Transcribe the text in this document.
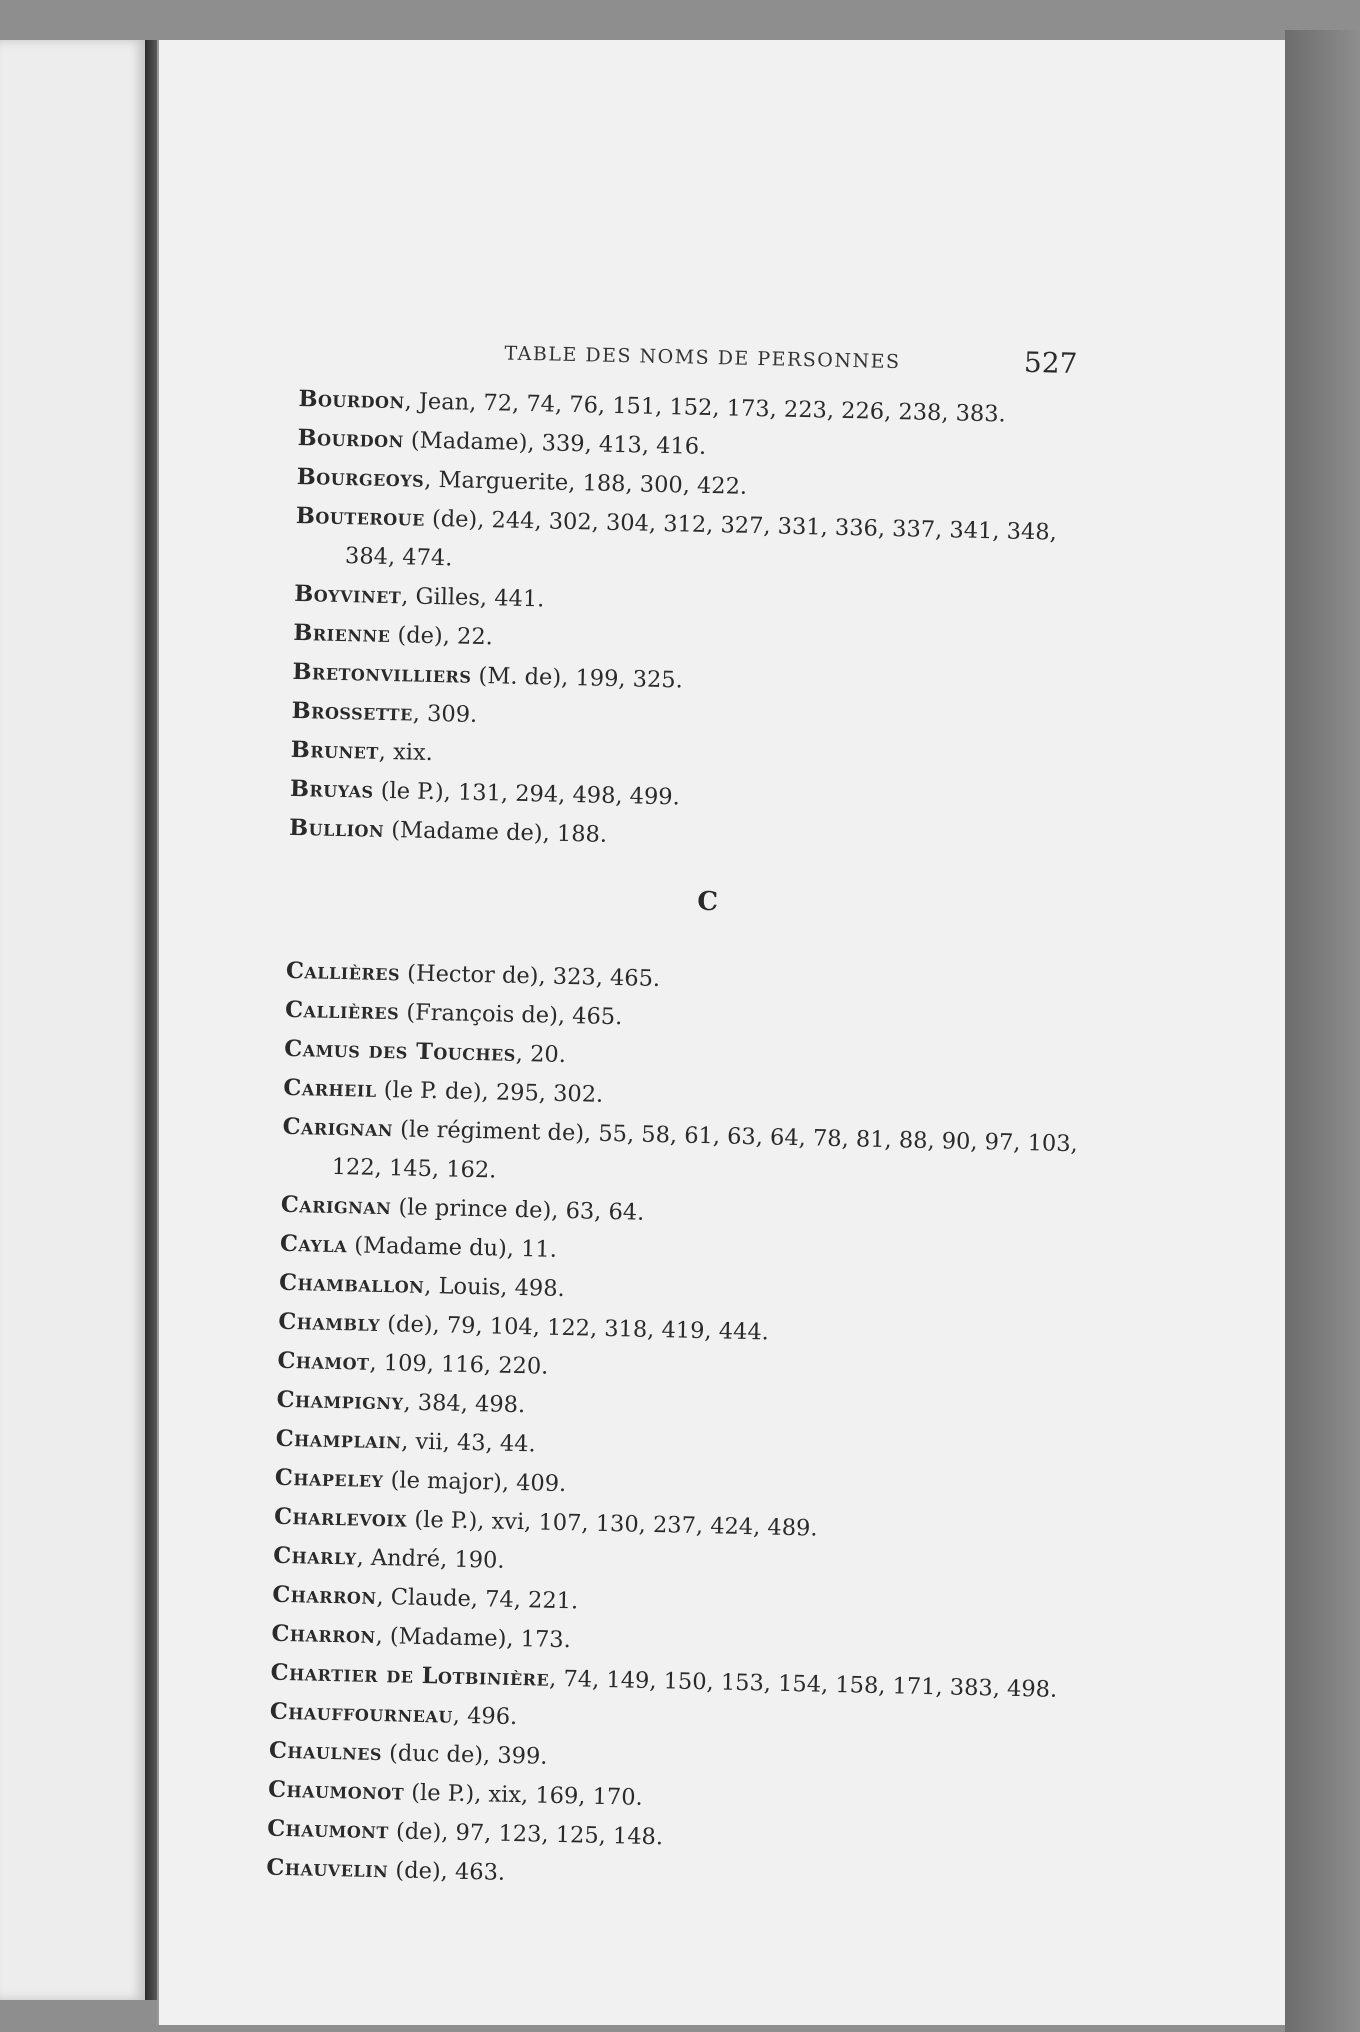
TABLE DES NOMS DE PERSONNES	527

Bourdon, Jean, 72, 74, 76, 151, 152, 173, 223, 226, 238, 383.

Bourdon (Madame), 339, 413, 416.

Bourgeoys, Marguerite, 188, 300, 422.

Bouteroue (de), 244, 302, 304, 312, 327, 331, 336, 337, 341, 348, 384, 474.

Boyvinet, Gilles, 441.

Brienne (de), 22.

Bretonvilliers (M. de), 199, 325.

Brossette, 309.

Brunet, xix.

Bruyas (le P.), 131, 294, 498, 499.

Bullion (Madame de), 188.

C

Callières (Hector de), 323, 465.

Callières (François de), 465.

Camus des Touches, 20.

Carheil (le P. de), 295, 302.

Carignan (le régiment de), 55, 58, 61, 63, 64, 78, 81, 88, 90, 97, 103, 122, 145, 162.

Carignan (le prince de), 63, 64.

Cayla (Madame du), 11.

Chamballon, Louis, 498.

Chambly (de), 79, 104, 122, 318, 419, 444.

Chamot, 109, 116, 220.

Champigny, 384, 498.

Champlain, vii, 43, 44.

Chapeley (le major), 409.

Charlevoix (le P.), xvi, 107, 130, 237, 424, 489.

Charly, André, 190.

Charron, Claude, 74, 221.

Charron, (Madame), 173.

Chartier de Lotbinière, 74, 149, 150, 153, 154, 158, 171, 383, 498.

Chauffourneau, 496.

Chaulnes (duc de), 399.

Chaumonot (le P.), xix, 169, 170.

Chaumont (de), 97, 123, 125, 148.

Chauvelin (de), 463.
